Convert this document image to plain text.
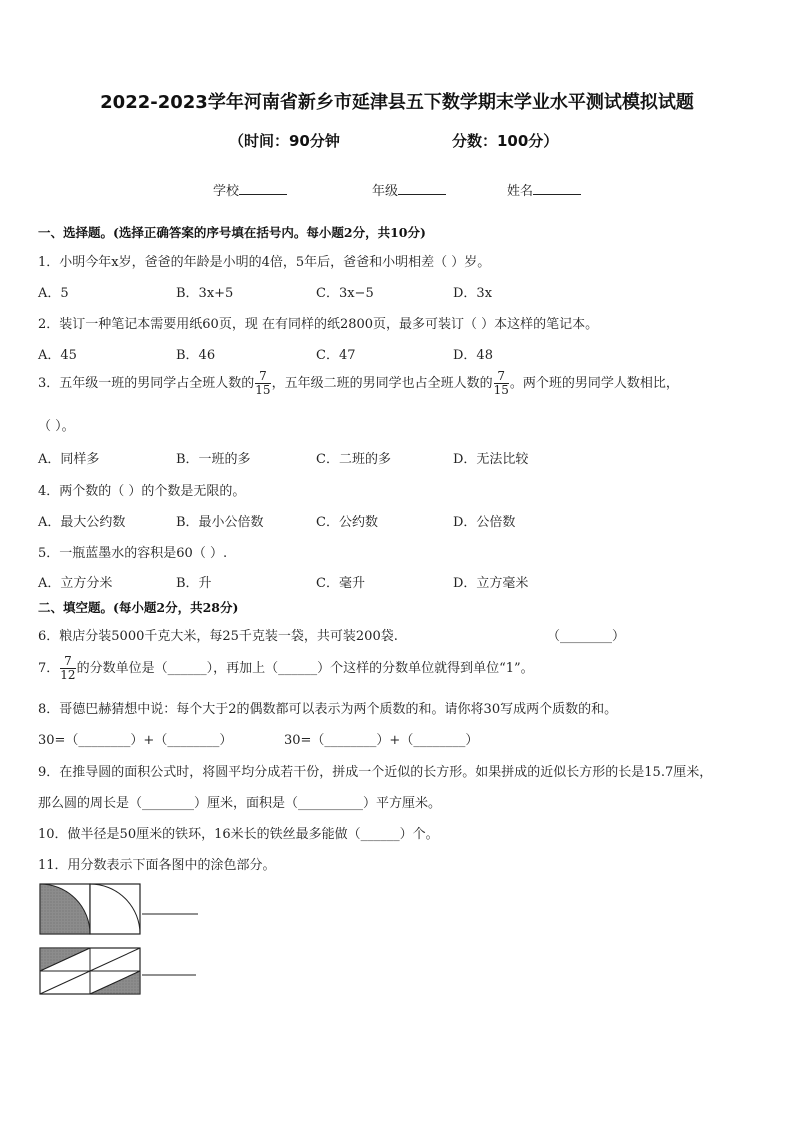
2022-2023学年河南省新乡市延津县五下数学期末学业水平测试模拟试题
（时间：90分钟	分数：100分）
学校	年级	姓名
一、选择题。(选择正确答案的序号填在括号内。每小题2分，共10分)
1．小明今年x岁，爸爸的年龄是小明的4倍，5年后，爸爸和小明相差（ ）岁。
A．5	B．3x+5	C．3x−5	D．3x
2．装订一种笔记本需要用纸60页，现 在有同样的纸2800页，最多可装订（ ）本这样的笔记本。
A．45	B．46	C．47	D．48
3．五年级一班的男同学占全班人数的 $\frac{7}{15}$ ，五年级二班的男同学也占全班人数的 $\frac{7}{15}$ 。两个班的男同学人数相比，
（ ）。
A．同样多	B．一班的多	C．二班的多	D．无法比较
4．两个数的（ ）的个数是无限的。
A．最大公约数	B．最小公倍数	C．公约数	D．公倍数
5．一瓶蓝墨水的容积是60（ ）.
A．立方分米	B．升	C．毫升	D．立方毫米
二、填空题。(每小题2分，共28分)
6．粮店分装5000千克大米，每25千克装一袋，共可装200袋.	（________）
7． $\frac{7}{12}$ 的分数单位是（______），再加上（______）个这样的分数单位就得到单位“1”。
8．哥德巴赫猜想中说：每个大于2的偶数都可以表示为两个质数的和。请你将30写成两个质数的和。
30=（________）+（________）	30=（________）+（________）
9．在推导圆的面积公式时，将圆平均分成若干份，拼成一个近似的长方形。如果拼成的近似长方形的长是15.7厘米，
那么圆的周长是（________）厘米，面积是（__________）平方厘米。
10．做半径是50厘米的铁环，16米长的铁丝最多能做（______）个。
11．用分数表示下面各图中的涂色部分。
